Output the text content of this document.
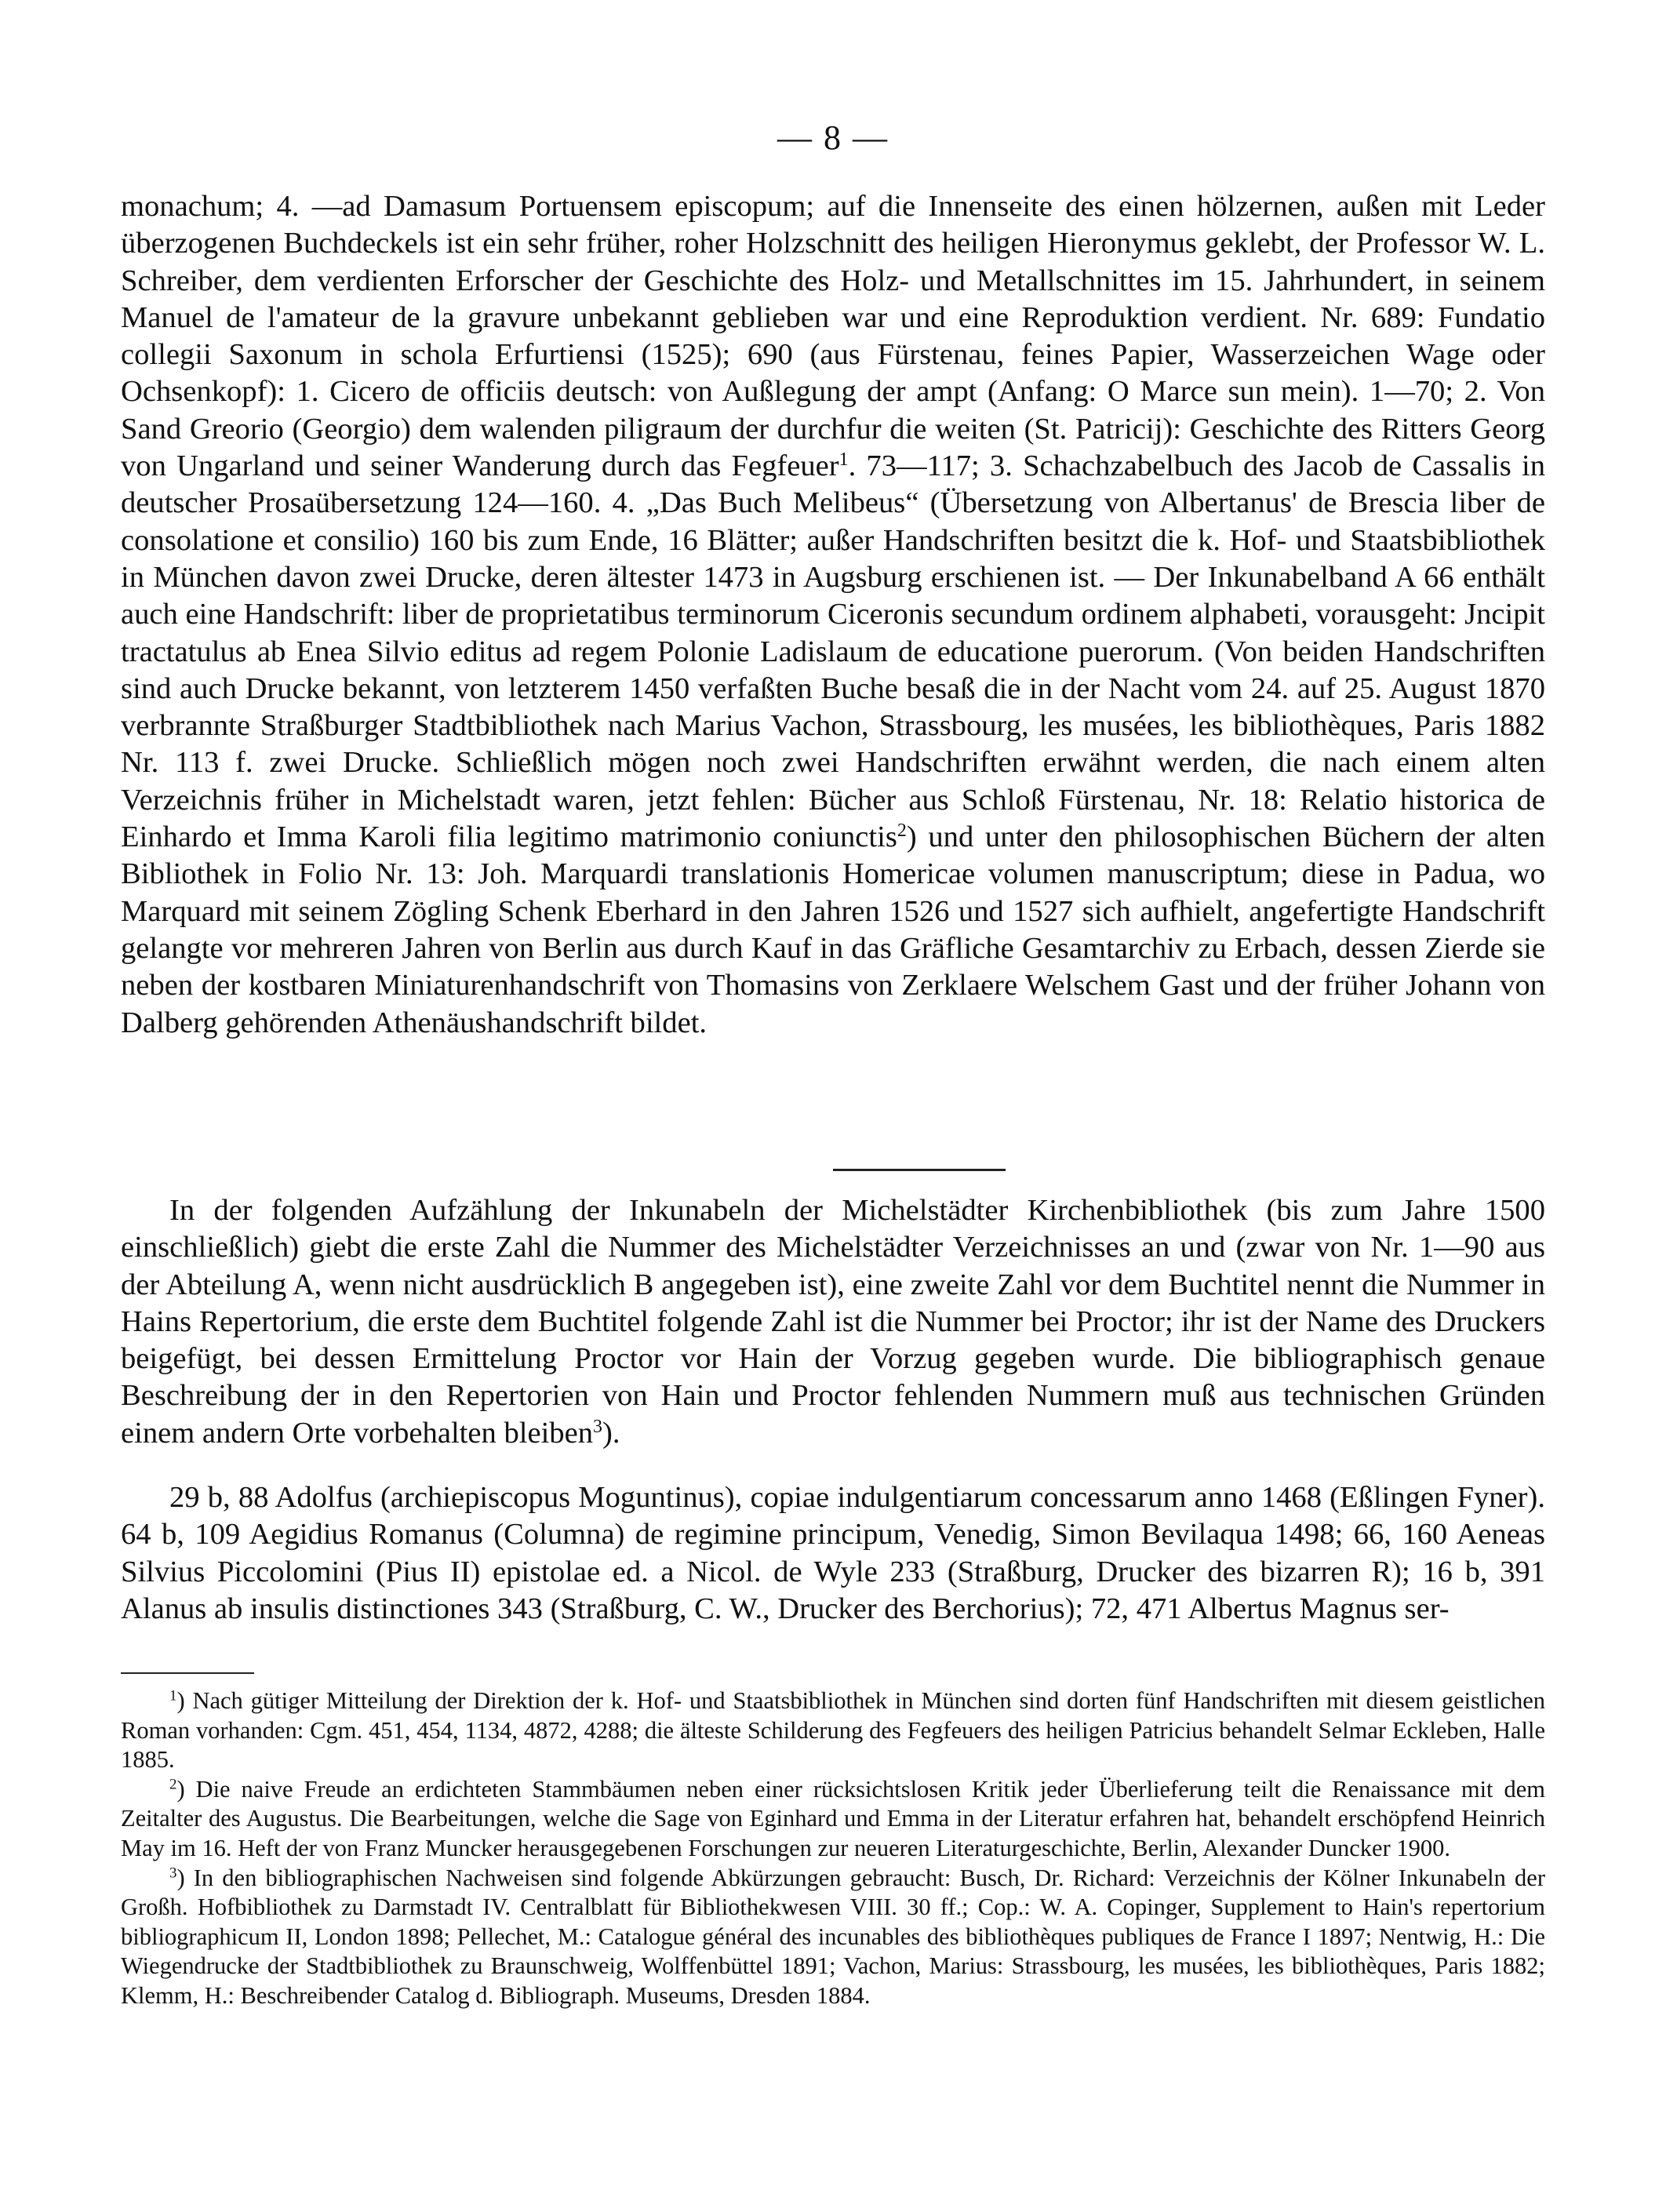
— 8 —

monachum; 4. —ad Damasum Portuensem episcopum; auf die Innenseite des einen hölzernen, außen mit Leder überzogenen Buchdeckels ist ein sehr früher, roher Holzschnitt des heiligen Hieronymus geklebt, der Professor W. L. Schreiber, dem verdienten Erforscher der Geschichte des Holz- und Metallschnittes im 15. Jahrhundert, in seinem Manuel de l'amateur de la gravure unbekannt geblieben war und eine Reproduktion verdient. Nr. 689: Fundatio collegii Saxonum in schola Erfurtiensi (1525); 690 (aus Fürstenau, feines Papier, Wasserzeichen Wage oder Ochsenkopf): 1. Cicero de officiis deutsch: von Außlegung der ampt (Anfang: O Marce sun mein). 1—70; 2. Von Sand Greorio (Georgio) dem walenden piligraum der durchfur die weiten (St. Patricij): Geschichte des Ritters Georg von Ungarland und seiner Wanderung durch das Fegfeuer$^1$. 73—117; 3. Schachzabelbuch des Jacob de Cassalis in deutscher Prosaübersetzung 124—160. 4. „Das Buch Melibeus“ (Übersetzung von Albertanus' de Brescia liber de consolatione et consilio) 160 bis zum Ende, 16 Blätter; außer Handschriften besitzt die k. Hof- und Staatsbibliothek in München davon zwei Drucke, deren ältester 1473 in Augsburg erschienen ist. — Der Inkunabelband A 66 enthält auch eine Handschrift: liber de proprietatibus terminorum Ciceronis secundum ordinem alphabeti, vorausgeht: Jncipit tractatulus ab Enea Silvio editus ad regem Polonie Ladislaum de educatione puerorum. (Von beiden Handschriften sind auch Drucke bekannt, von letzterem 1450 verfaßten Buche besaß die in der Nacht vom 24. auf 25. August 1870 verbrannte Straßburger Stadtbibliothek nach Marius Vachon, Strassbourg, les musées, les bibliothèques, Paris 1882 Nr. 113 f. zwei Drucke. Schließlich mögen noch zwei Handschriften erwähnt werden, die nach einem alten Verzeichnis früher in Michelstadt waren, jetzt fehlen: Bücher aus Schloß Fürstenau, Nr. 18: Relatio historica de Einhardo et Imma Karoli filia legitimo matrimonio coniunctis$^2$) und unter den philosophischen Büchern der alten Bibliothek in Folio Nr. 13: Joh. Marquardi translationis Homericae volumen manuscriptum; diese in Padua, wo Marquard mit seinem Zögling Schenk Eberhard in den Jahren 1526 und 1527 sich aufhielt, angefertigte Handschrift gelangte vor mehreren Jahren von Berlin aus durch Kauf in das Gräfliche Gesamtarchiv zu Erbach, dessen Zierde sie neben der kostbaren Miniaturenhandschrift von Thomasins von Zerklaere Welschem Gast und der früher Johann von Dalberg gehörenden Athenäushandschrift bildet.

In der folgenden Aufzählung der Inkunabeln der Michelstädter Kirchenbibliothek (bis zum Jahre 1500 einschließlich) giebt die erste Zahl die Nummer des Michelstädter Verzeichnisses an und (zwar von Nr. 1—90 aus der Abteilung A, wenn nicht ausdrücklich B angegeben ist), eine zweite Zahl vor dem Buchtitel nennt die Nummer in Hains Repertorium, die erste dem Buchtitel folgende Zahl ist die Nummer bei Proctor; ihr ist der Name des Druckers beigefügt, bei dessen Ermittelung Proctor vor Hain der Vorzug gegeben wurde. Die bibliographisch genaue Beschreibung der in den Repertorien von Hain und Proctor fehlenden Nummern muß aus technischen Gründen einem andern Orte vorbehalten bleiben$^3$).

29 b, 88 Adolfus (archiepiscopus Moguntinus), copiae indulgentiarum concessarum anno 1468 (Eßlingen Fyner). 64 b, 109 Aegidius Romanus (Columna) de regimine principum, Venedig, Simon Bevilaqua 1498; 66, 160 Aeneas Silvius Piccolomini (Pius II) epistolae ed. a Nicol. de Wyle 233 (Straßburg, Drucker des bizarren R); 16 b, 391 Alanus ab insulis distinctiones 343 (Straßburg, C. W., Drucker des Berchorius); 72, 471 Albertus Magnus ser-

$^1$) Nach gütiger Mitteilung der Direktion der k. Hof- und Staatsbibliothek in München sind dorten fünf Handschriften mit diesem geistlichen Roman vorhanden: Cgm. 451, 454, 1134, 4872, 4288; die älteste Schilderung des Fegfeuers des heiligen Patricius behandelt Selmar Eckleben, Halle 1885.

$^2$) Die naive Freude an erdichteten Stammbäumen neben einer rücksichtslosen Kritik jeder Überlieferung teilt die Renaissance mit dem Zeitalter des Augustus. Die Bearbeitungen, welche die Sage von Eginhard und Emma in der Literatur erfahren hat, behandelt erschöpfend Heinrich May im 16. Heft der von Franz Muncker herausgegebenen Forschungen zur neueren Literaturgeschichte, Berlin, Alexander Duncker 1900.

$^3$) In den bibliographischen Nachweisen sind folgende Abkürzungen gebraucht: Busch, Dr. Richard: Verzeichnis der Kölner Inkunabeln der Großh. Hofbibliothek zu Darmstadt IV. Centralblatt für Bibliothekwesen VIII. 30 ff.; Cop.: W. A. Copinger, Supplement to Hain's repertorium bibliographicum II, London 1898; Pellechet, M.: Catalogue général des incunables des bibliothèques publiques de France I 1897; Nentwig, H.: Die Wiegendrucke der Stadtbibliothek zu Braunschweig, Wolffenbüttel 1891; Vachon, Marius: Strassbourg, les musées, les bibliothèques, Paris 1882; Klemm, H.: Beschreibender Catalog d. Bibliograph. Museums, Dresden 1884.
